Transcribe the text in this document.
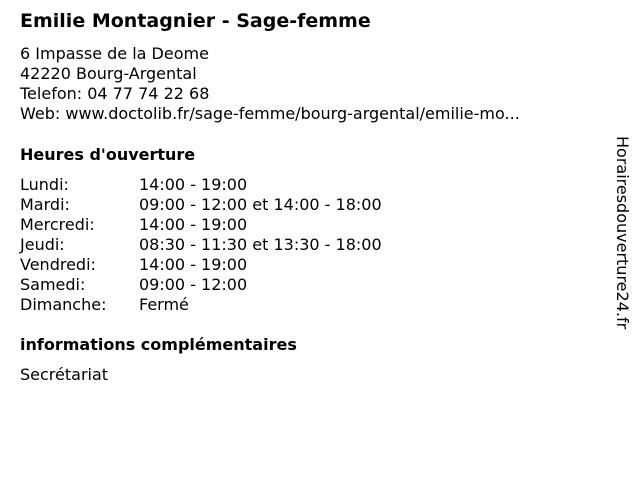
Emilie Montagnier - Sage-femme
6 Impasse de la Deome
42220 Bourg-Argental
Telefon: 04 77 74 22 68
Web: www.doctolib.fr/sage-femme/bourg-argental/emilie-mo...
Heures d'ouverture
Lundi:	14:00 - 19:00
Mardi:	09:00 - 12:00 et 14:00 - 18:00
Mercredi:	14:00 - 19:00
Jeudi:	08:30 - 11:30 et 13:30 - 18:00
Vendredi:	14:00 - 19:00
Samedi:	09:00 - 12:00
Dimanche:	Fermé
informations complémentaires
Secrétariat
Horairesdouverture24.fr
